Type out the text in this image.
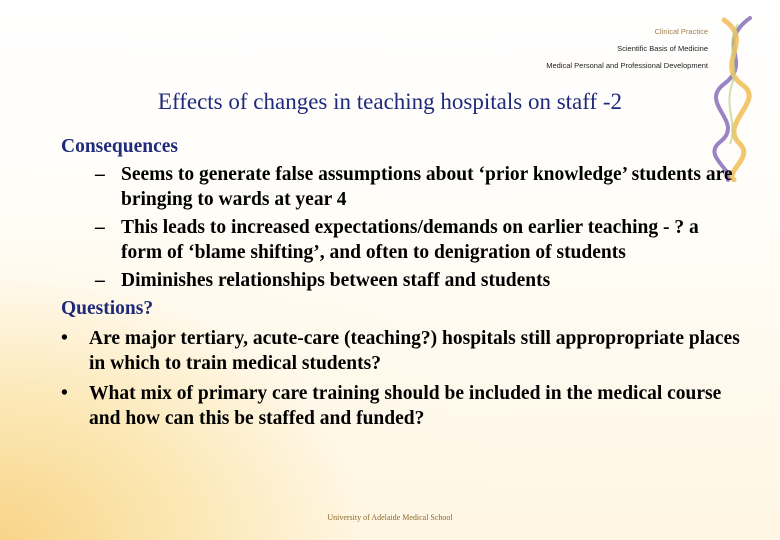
Clinical Practice
Scientific Basis of Medicine
Medical Personal and Professional Development
Effects of changes in teaching hospitals on staff -2
Consequences
– Seems to generate false assumptions about ‘prior knowledge’ students are bringing to wards at year 4
– This leads to increased expectations/demands on earlier teaching - ? a form of ‘blame shifting’, and often to denigration of students
– Diminishes relationships between staff and students
Questions?
• Are major tertiary, acute-care (teaching?) hospitals still appropropriate places in which to train medical students?
• What mix of primary care training should be included in the medical course and how can this be staffed and funded?
University of Adelaide Medical School
